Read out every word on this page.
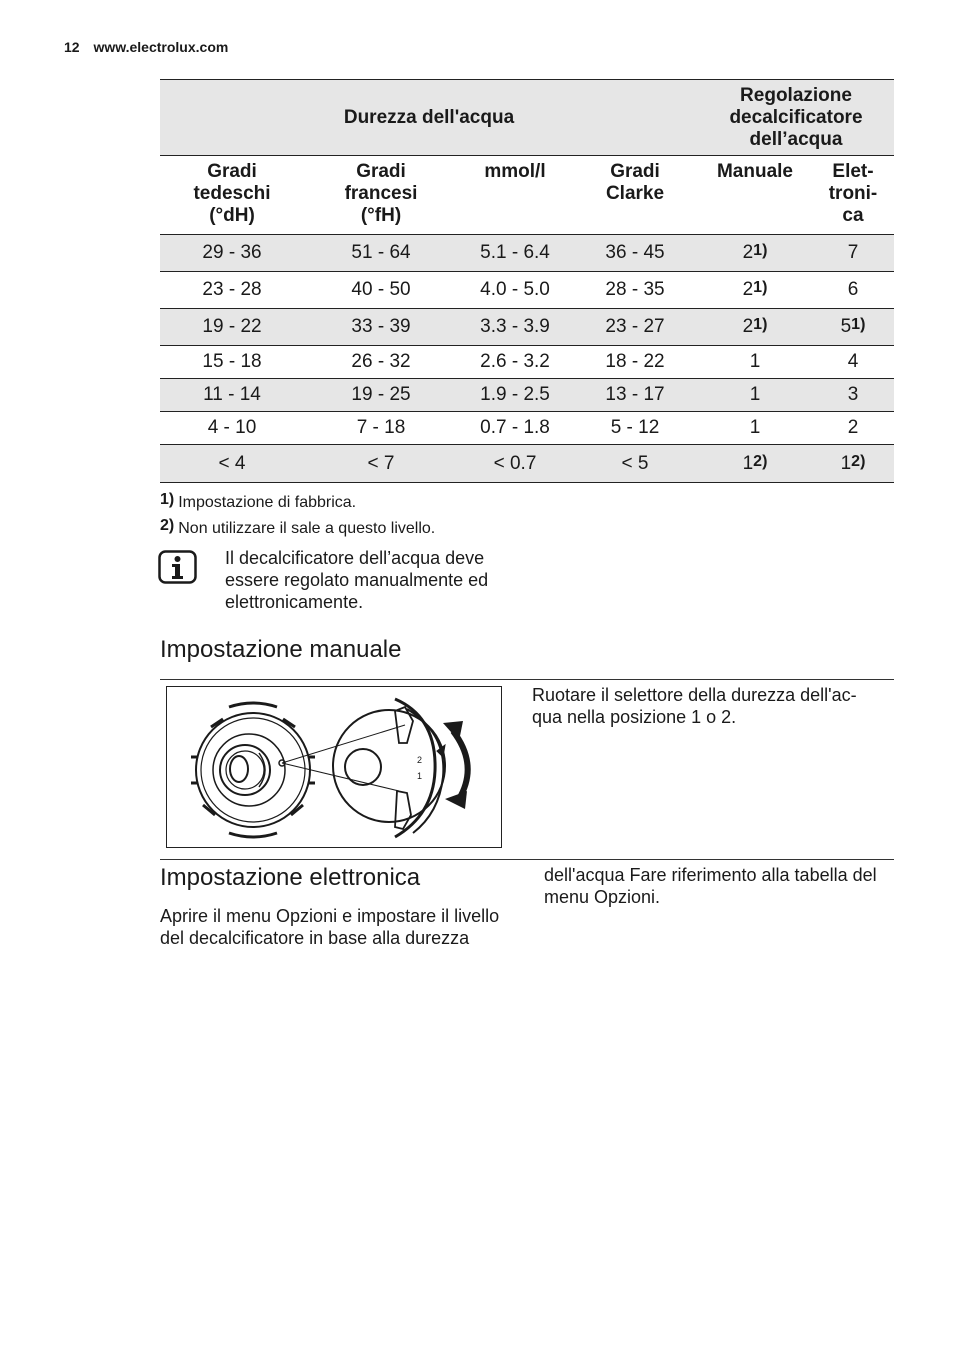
12 www.electrolux.com
Durezza dell'acqua				Regolazione
decalcificatore
dell’acqua	
Gradi
tedeschi
(°dH)	Gradi
francesi
(°fH)	mmol/l	Gradi
Clarke	Manuale	Elet-
troni-
ca
29 - 36	51 - 64	5.1 - 6.4	36 - 45	21)	7
23 - 28	40 - 50	4.0 - 5.0	28 - 35	21)	6
19 - 22	33 - 39	3.3 - 3.9	23 - 27	21)	51)
15 - 18	26 - 32	2.6 - 3.2	18 - 22	1	4
11 - 14	19 - 25	1.9 - 2.5	13 - 17	1	3
4 - 10	7 - 18	0.7 - 1.8	5 - 12	1	2
< 4	< 7	< 0.7	< 5	12)	12)
1) Impostazione di fabbrica.
2) Non utilizzare il sale a questo livello.
Il decalcificatore dell’acqua deve essere regolato manualmente ed elettronicamente.
Impostazione manuale
2
1

Ruotare il selettore della durezza dell'ac-
qua nella posizione 1 o 2.

Impostazione elettronica

Aprire il menu Opzioni e impostare il livello del decalcificatore in base alla durezza

dell'acqua Fare riferimento alla tabella del menu Opzioni.
